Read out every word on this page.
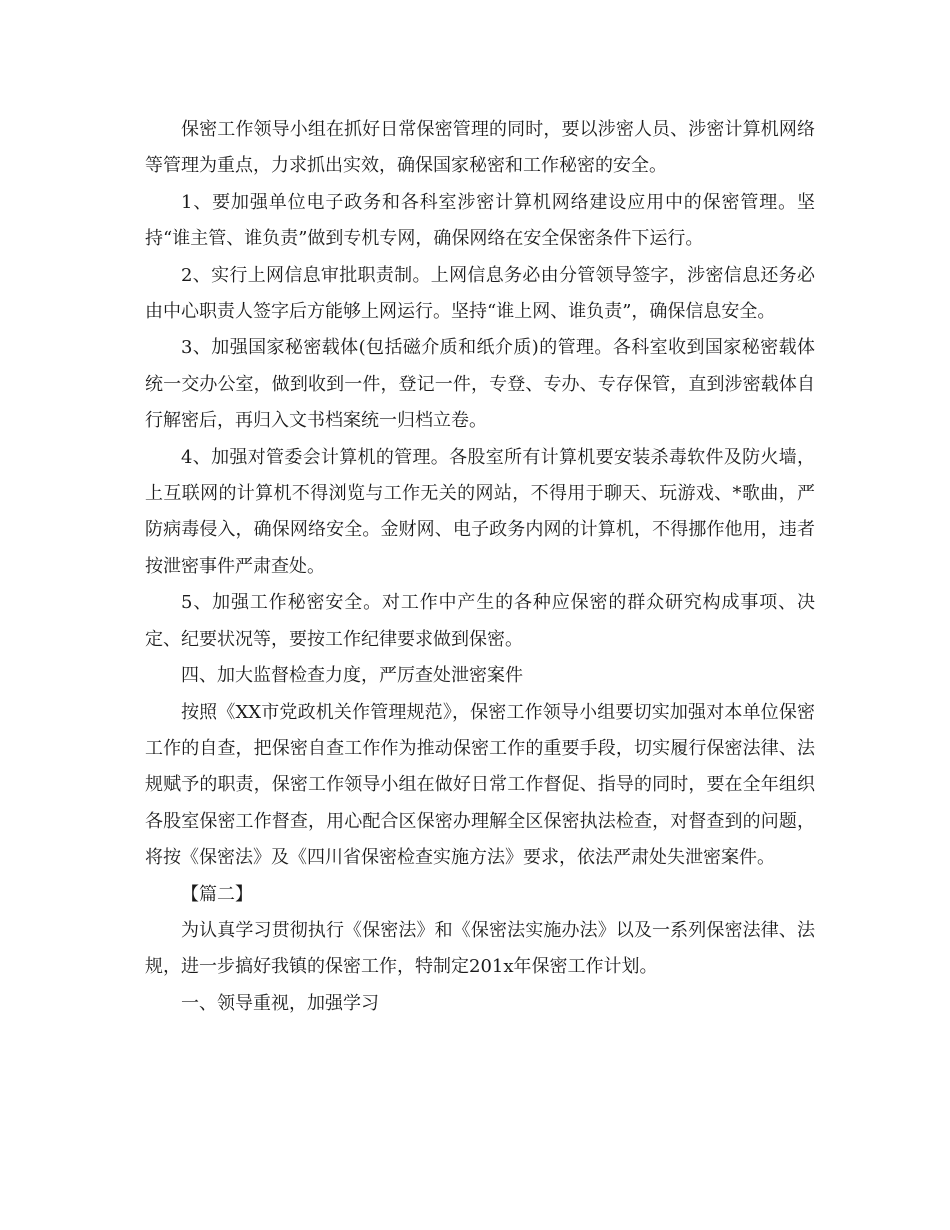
保密工作领导小组在抓好日常保密管理的同时，要以涉密人员、涉密计算机网络等管理为重点，力求抓出实效，确保国家秘密和工作秘密的安全。

1、要加强单位电子政务和各科室涉密计算机网络建设应用中的保密管理。坚持“谁主管、谁负责”做到专机专网，确保网络在安全保密条件下运行。

2、实行上网信息审批职责制。上网信息务必由分管领导签字，涉密信息还务必由中心职责人签字后方能够上网运行。坚持“谁上网、谁负责”，确保信息安全。

3、加强国家秘密载体(包括磁介质和纸介质)的管理。各科室收到国家秘密载体统一交办公室，做到收到一件，登记一件，专登、专办、专存保管，直到涉密载体自行解密后，再归入文书档案统一归档立卷。

4、加强对管委会计算机的管理。各股室所有计算机要安装杀毒软件及防火墙，上互联网的计算机不得浏览与工作无关的网站，不得用于聊天、玩游戏、*歌曲，严防病毒侵入，确保网络安全。金财网、电子政务内网的计算机，不得挪作他用，违者按泄密事件严肃查处。

5、加强工作秘密安全。对工作中产生的各种应保密的群众研究构成事项、决定、纪要状况等，要按工作纪律要求做到保密。

四、加大监督检查力度，严厉查处泄密案件

按照《XX市党政机关作管理规范》，保密工作领导小组要切实加强对本单位保密工作的自查，把保密自查工作作为推动保密工作的重要手段，切实履行保密法律、法规赋予的职责，保密工作领导小组在做好日常工作督促、指导的同时，要在全年组织各股室保密工作督查，用心配合区保密办理解全区保密执法检查，对督查到的问题，将按《保密法》及《四川省保密检查实施方法》要求，依法严肃处失泄密案件。

【篇二】

为认真学习贯彻执行《保密法》和《保密法实施办法》以及一系列保密法律、法规，进一步搞好我镇的保密工作，特制定201x年保密工作计划。

一、领导重视，加强学习
